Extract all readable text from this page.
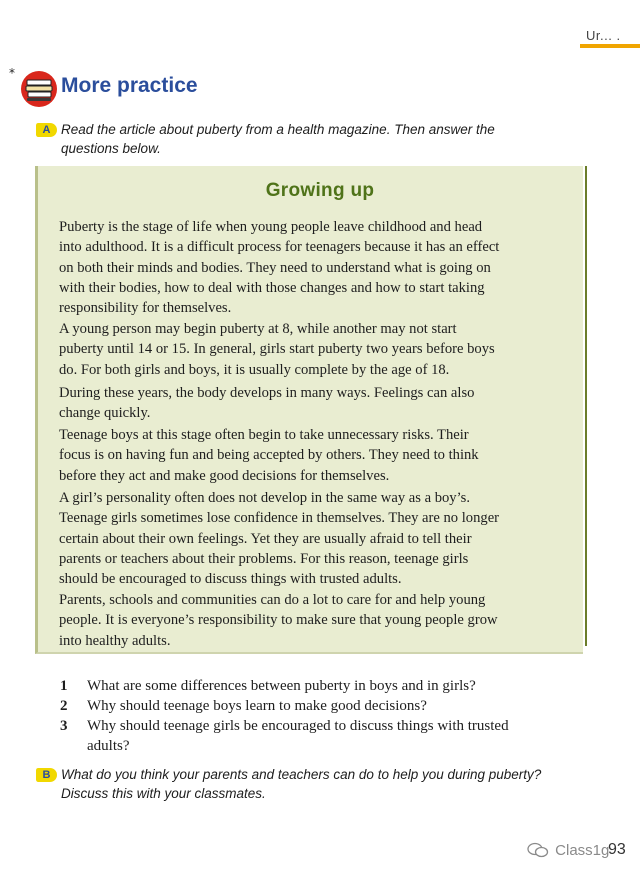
Ur... .
*
More practice
A Read the article about puberty from a health magazine. Then answer the
questions below.
Growing up
Puberty is the stage of life when young people leave childhood and head
into adulthood. It is a difficult process for teenagers because it has an effect
on both their minds and bodies. They need to understand what is going on
with their bodies, how to deal with those changes and how to start taking
responsibility for themselves.
A young person may begin puberty at 8, while another may not start
puberty until 14 or 15. In general, girls start puberty two years before boys
do. For both girls and boys, it is usually complete by the age of 18.
During these years, the body develops in many ways. Feelings can also
change quickly.
Teenage boys at this stage often begin to take unnecessary risks. Their
focus is on having fun and being accepted by others. They need to think
before they act and make good decisions for themselves.
A girl’s personality often does not develop in the same way as a boy’s.
Teenage girls sometimes lose confidence in themselves. They are no longer
certain about their own feelings. Yet they are usually afraid to tell their
parents or teachers about their problems. For this reason, teenage girls
should be encouraged to discuss things with trusted adults.
Parents, schools and communities can do a lot to care for and help young
people. It is everyone’s responsibility to make sure that young people grow
into healthy adults.
1 What are some differences between puberty in boys and in girls?
2 Why should teenage boys learn to make good decisions?
3 Why should teenage girls be encouraged to discuss things with trusted
adults?
B What do you think your parents and teachers can do to help you during puberty?
Discuss this with your classmates.
Class1g
93
